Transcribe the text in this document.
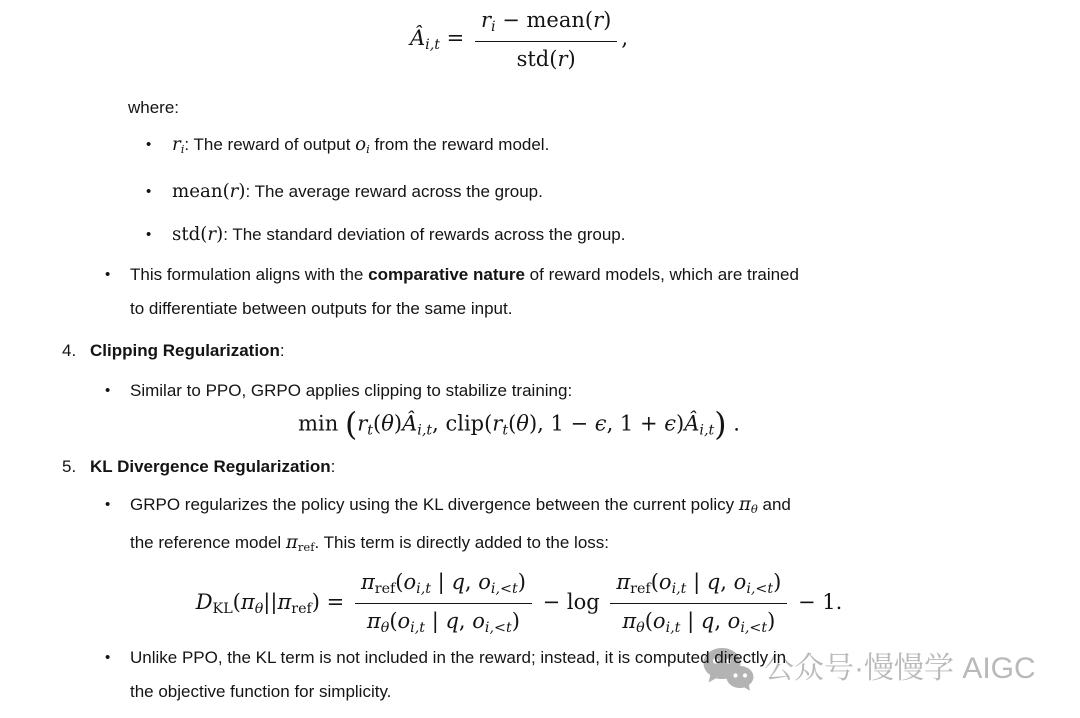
公众号·慢慢学 AIGC
Âi,t = $\frac{\text{ri − mean(r)}}{\text{std(r)}}$ ,
where:
•	ri: The reward of output oi from the reward model.
•	mean(r): The average reward across the group.
•	std(r): The standard deviation of rewards across the group.
•	This formulation aligns with the comparative nature of reward models, which are trained
to differentiate between outputs for the same input.
4. Clipping Regularization:
•	Similar to PPO, GRPO applies clipping to stabilize training:
min (rt(θ)Âi,t, clip(rt(θ), 1 − ϵ, 1 + ϵ)Âi,t) .
5. KL Divergence Regularization:
•	GRPO regularizes the policy using the KL divergence between the current policy πθ and
the reference model πref. This term is directly added to the loss:
$DKL(\pi\theta||\pi ref) = \frac{\text{πref(oi,t | q, oi,<t)}}{\pi\theta(oi,t | q, oi,<t)} - \log \frac{\text{πref(oi,t | q, oi,<t)}}{\pi\theta(oi,t | q, oi,<t)} - 1$.
•	Unlike PPO, the KL term is not included in the reward; instead, it is computed directly in
the objective function for simplicity.
